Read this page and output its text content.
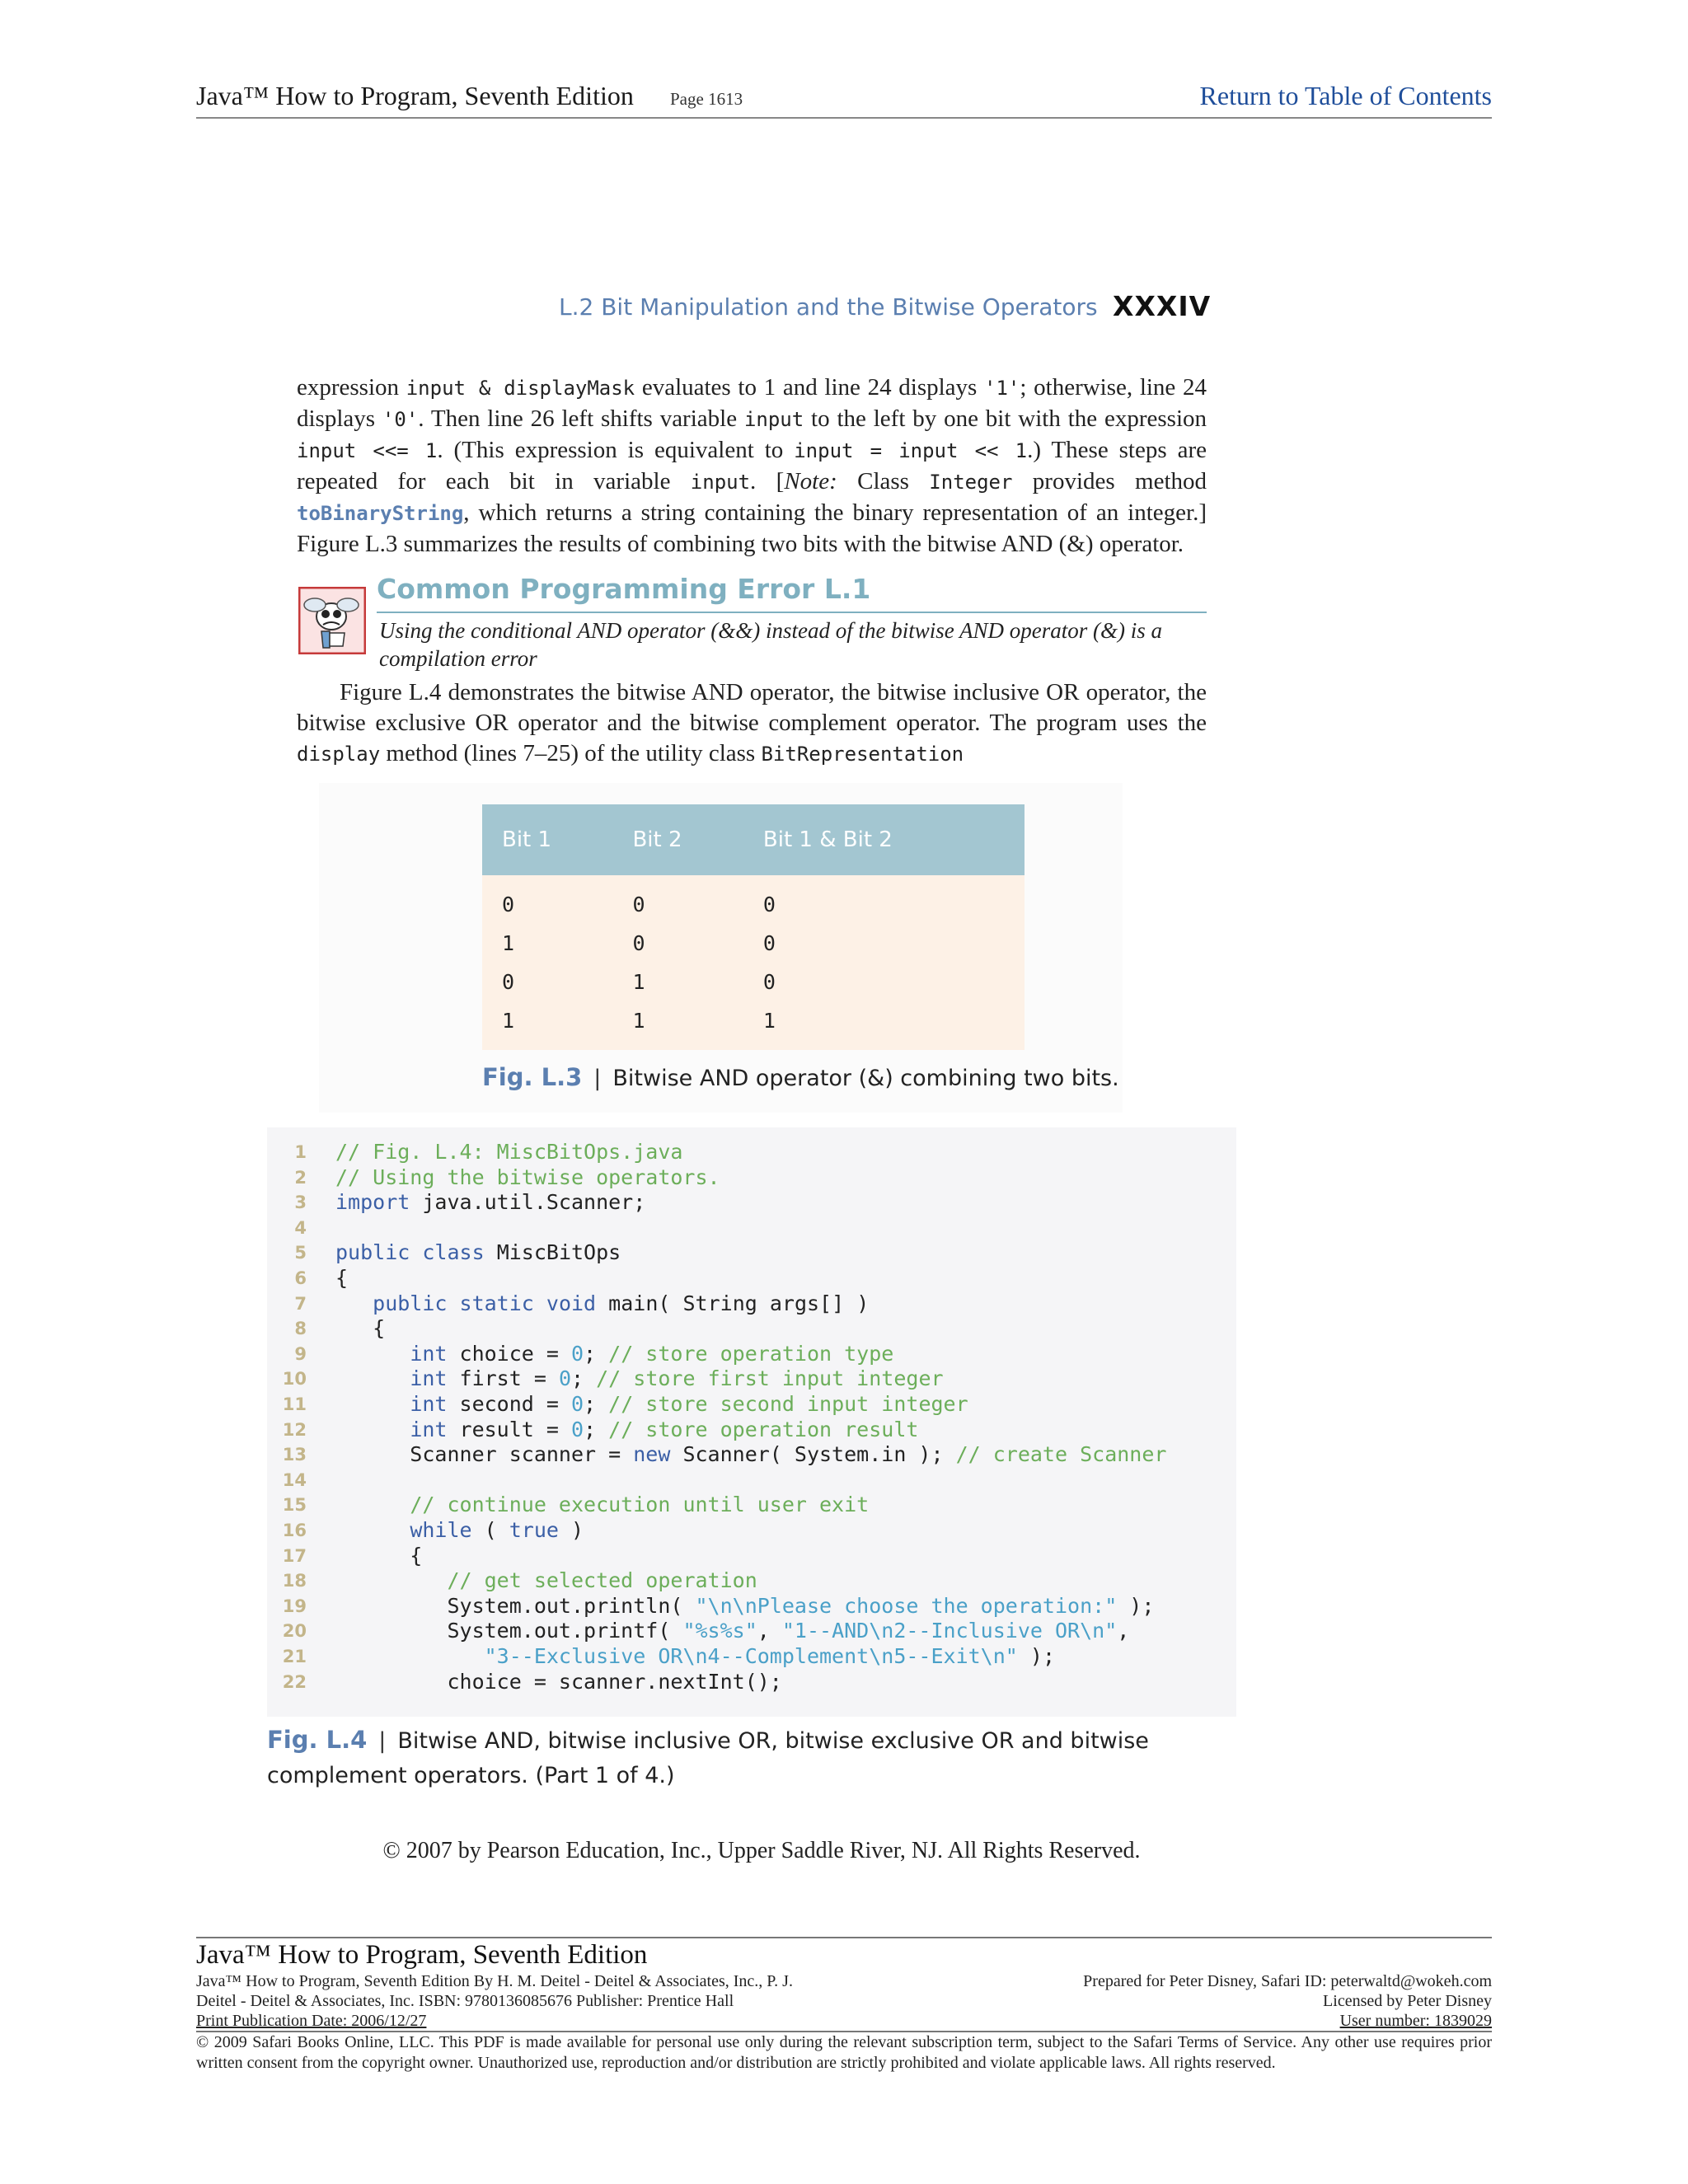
Java™ How to Program, Seventh Edition Page 1613	Return to Table of Contents
L.2 Bit Manipulation and the Bitwise Operators XXXIV
expression input & displayMask evaluates to 1 and line 24 displays '1'; otherwise, line 24 displays '0'. Then line 26 left shifts variable input to the left by one bit with the expression input <<= 1. (This expression is equivalent to input = input << 1.) These steps are repeated for each bit in variable input. [Note: Class Integer provides method toBinaryString, which returns a string containing the binary representation of an integer.] Figure L.3 summarizes the results of combining two bits with the bitwise AND (&) operator.
Common Programming Error L.1
Using the conditional AND operator (&&) instead of the bitwise AND operator (&) is a compilation error
Figure L.4 demonstrates the bitwise AND operator, the bitwise inclusive OR operator, the bitwise exclusive OR operator and the bitwise complement operator. The program uses the display method (lines 7–25) of the utility class BitRepresentation
Bit 1	Bit 2	Bit 1 & Bit 2
0	0	0
1	0	0
0	1	0
1	1	1
Fig. L.3 | Bitwise AND operator (&) combining two bits.
1 // Fig. L.4: MiscBitOps.java
2 // Using the bitwise operators.
3 import java.util.Scanner;
4
5 public class MiscBitOps
6 {
7	public static void main( String args[] )
8 {
9	int choice = 0; // store operation type
10	int first = 0; // store first input integer
11	int second = 0; // store second input integer
12	int result = 0; // store operation result
13 Scanner scanner = new Scanner( System.in ); // create Scanner
14
15	// continue execution until user exit
16	while ( true )
17 {
18	// get selected operation
19 System.out.println( "\n\nPlease choose the operation:" );
20 System.out.printf( "%s%s", "1--AND\n2--Inclusive OR\n",
21	"3--Exclusive OR\n4--Complement\n5--Exit\n" );
22 choice = scanner.nextInt();
Fig. L.4 | Bitwise AND, bitwise inclusive OR, bitwise exclusive OR and bitwise complement operators. (Part 1 of 4.)
© 2007 by Pearson Education, Inc., Upper Saddle River, NJ. All Rights Reserved.
Java™ How to Program, Seventh Edition
Java™ How to Program, Seventh Edition By H. M. Deitel - Deitel & Associates, Inc., P. J.
Deitel - Deitel & Associates, Inc. ISBN: 9780136085676 Publisher: Prentice Hall
Print Publication Date: 2006/12/27
Prepared for Peter Disney, Safari ID: peterwaltd@wokeh.com
Licensed by Peter Disney
User number: 1839029
© 2009 Safari Books Online, LLC. This PDF is made available for personal use only during the relevant subscription term, subject to the Safari Terms of Service. Any other use requires prior written consent from the copyright owner. Unauthorized use, reproduction and/or distribution are strictly prohibited and violate applicable laws. All rights reserved.
